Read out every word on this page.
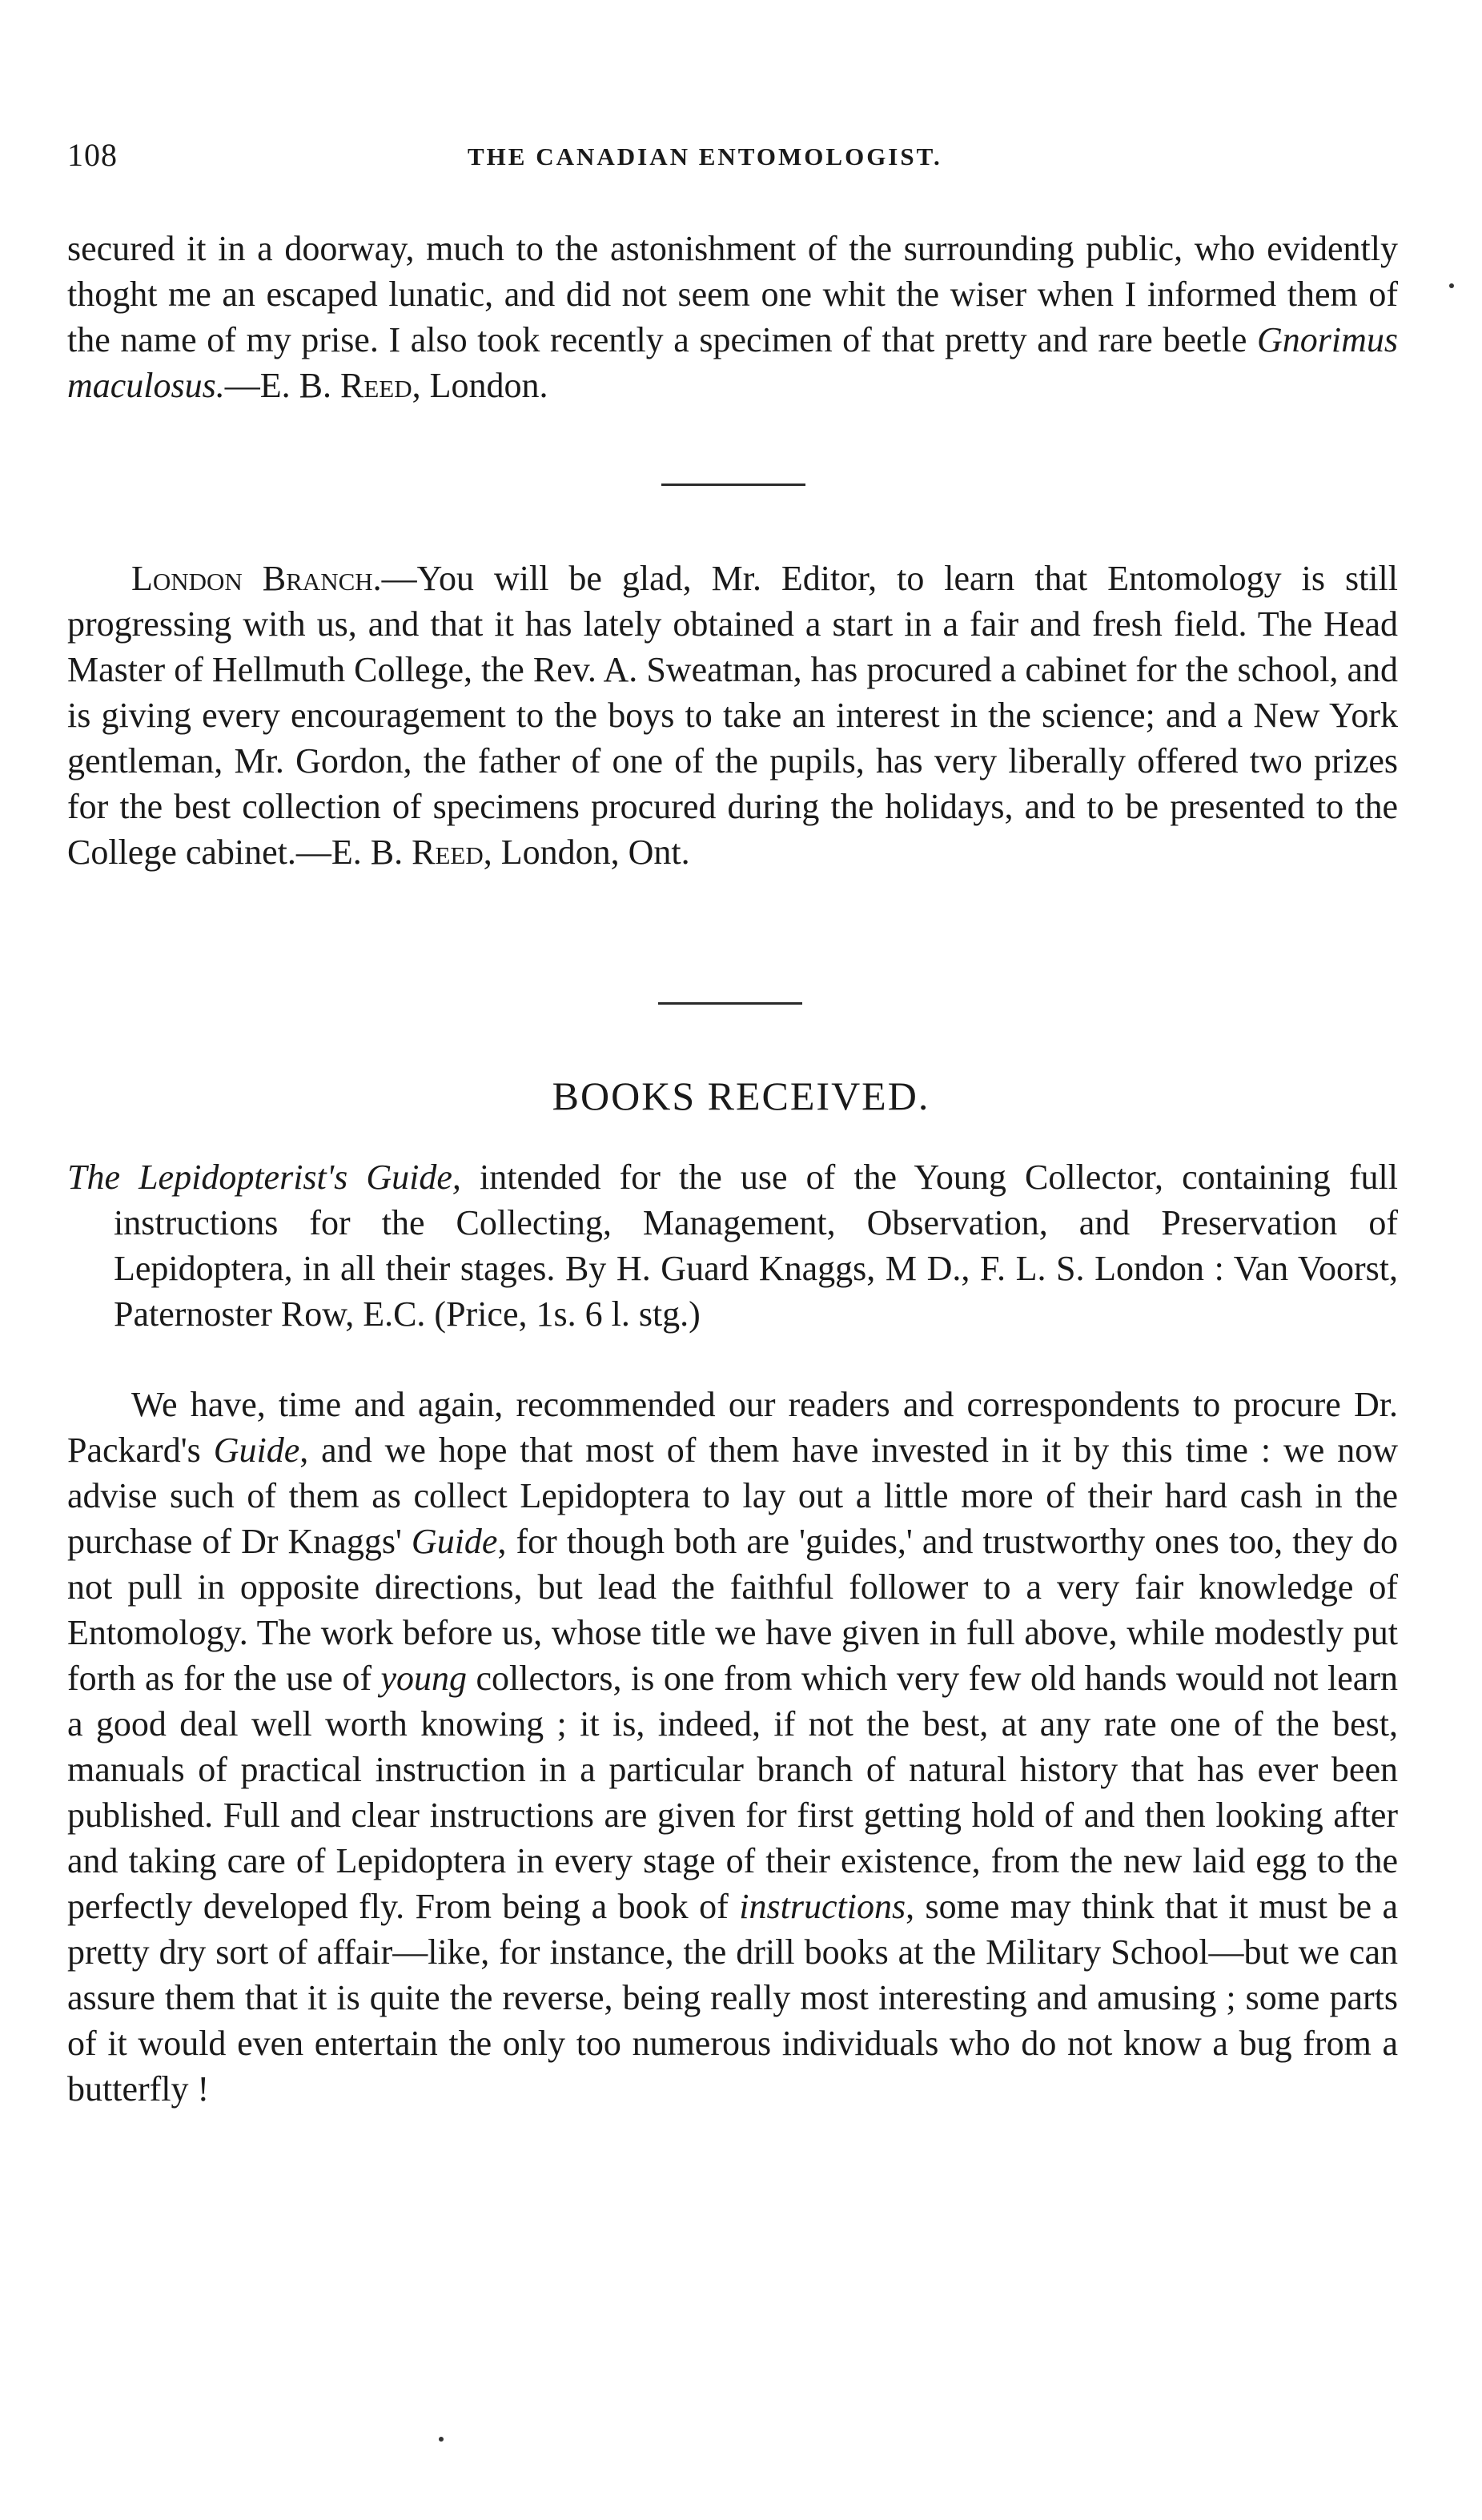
108	THE CANADIAN ENTOMOLOGIST.

secured it in a doorway, much to the astonishment of the surrounding public, who evidently thoght me an escaped lunatic, and did not seem one whit the wiser when I informed them of the name of my prise. I also took recently a specimen of that pretty and rare beetle Gnorimus maculosus.—E. B. Reed, London.

London Branch.—You will be glad, Mr. Editor, to learn that Entomology is still progressing with us, and that it has lately obtained a start in a fair and fresh field. The Head Master of Hellmuth College, the Rev. A. Sweatman, has procured a cabinet for the school, and is giving every encouragement to the boys to take an interest in the science; and a New York gentleman, Mr. Gordon, the father of one of the pupils, has very liberally offered two prizes for the best collection of specimens procured during the holidays, and to be presented to the College cabinet.—E. B. Reed, London, Ont.

BOOKS RECEIVED.
The Lepidopterist's Guide, intended for the use of the Young Collector, containing full instructions for the Collecting, Management, Observation, and Preservation of Lepidoptera, in all their stages. By H. Guard Knaggs, M D., F. L. S. London : Van Voorst, Paternoster Row, E.C. (Price, 1s. 6 l. stg.)

We have, time and again, recommended our readers and correspondents to procure Dr. Packard's Guide, and we hope that most of them have invested in it by this time : we now advise such of them as collect Lepidoptera to lay out a little more of their hard cash in the purchase of Dr Knaggs' Guide, for though both are 'guides,' and trustworthy ones too, they do not pull in opposite directions, but lead the faithful follower to a very fair knowledge of Entomology. The work before us, whose title we have given in full above, while modestly put forth as for the use of young collectors, is one from which very few old hands would not learn a good deal well worth knowing ; it is, indeed, if not the best, at any rate one of the best, manuals of practical instruction in a particular branch of natural history that has ever been published. Full and clear instructions are given for first getting hold of and then looking after and taking care of Lepidoptera in every stage of their existence, from the new laid egg to the perfectly developed fly. From being a book of instructions, some may think that it must be a pretty dry sort of affair—like, for instance, the drill books at the Military School—but we can assure them that it is quite the reverse, being really most interesting and amusing ; some parts of it would even entertain the only too numerous individuals who do not know a bug from a butterfly !
